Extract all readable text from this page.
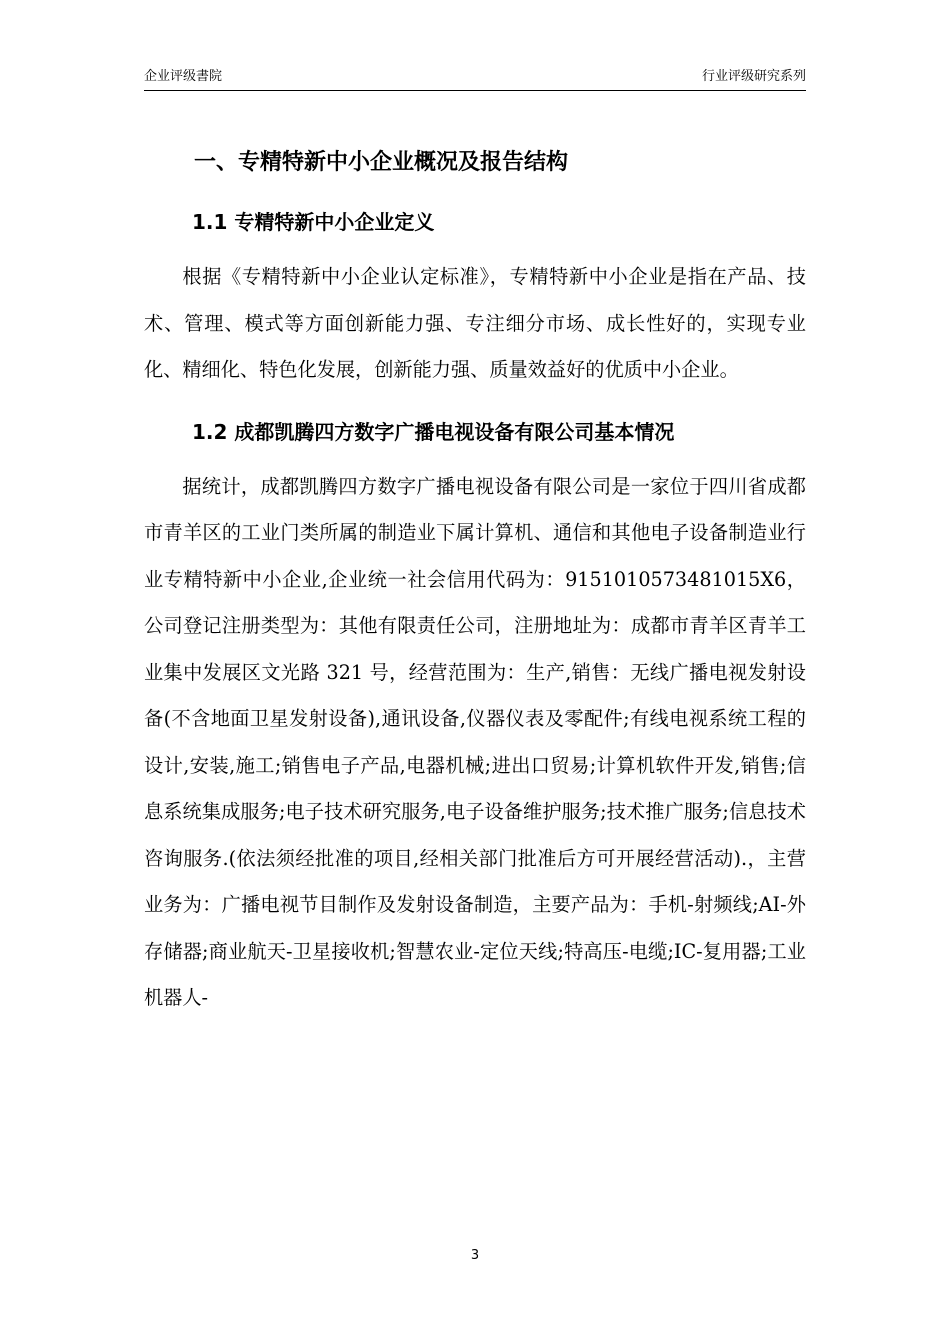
企业评级書院	行业评级研究系列
一、专精特新中小企业概况及报告结构
1.1 专精特新中小企业定义

根据《专精特新中小企业认定标准》，专精特新中小企业是指在产品、技术、管理、模式等方面创新能力强、专注细分市场、成长性好的，实现专业化、精细化、特色化发展，创新能力强、质量效益好的优质中小企业。

1.2 成都凯腾四方数字广播电视设备有限公司基本情况

据统计，成都凯腾四方数字广播电视设备有限公司是一家位于四川省成都市青羊区的工业门类所属的制造业下属计算机、通信和其他电子设备制造业行业专精特新中小企业,企业统一社会信用代码为：9151010573481015X6，公司登记注册类型为：其他有限责任公司，注册地址为：成都市青羊区青羊工业集中发展区文光路 321 号，经营范围为：生产,销售：无线广播电视发射设备(不含地面卫星发射设备),通讯设备,仪器仪表及零配件;有线电视系统工程的设计,安装,施工;销售电子产品,电器机械;进出口贸易;计算机软件开发,销售;信息系统集成服务;电子技术研究服务,电子设备维护服务;技术推广服务;信息技术咨询服务.(依法须经批准的项目,经相关部门批准后方可开展经营活动).，主营业务为：广播电视节目制作及发射设备制造，主要产品为：手机-射频线;AI-外存储器;商业航天-卫星接收机;智慧农业-定位天线;特高压-电缆;IC-复用器;工业机器人-

3
